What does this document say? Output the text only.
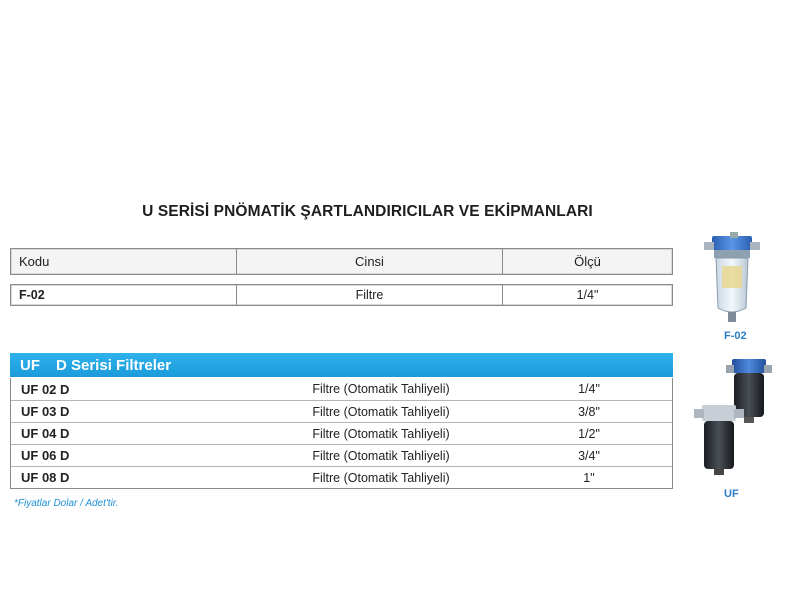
U SERİSİ PNÖMATİK ŞARTLANDIRICILAR VE EKİPMANLARI
Kodu	Cinsi	Ölçü
F-02	Filtre	1/4"
UF D Serisi Filtreler
UF 02 D	Filtre (Otomatik Tahliyeli)	1/4"
UF 03 D	Filtre (Otomatik Tahliyeli)	3/8"
UF 04 D	Filtre (Otomatik Tahliyeli)	1/2"
UF 06 D	Filtre (Otomatik Tahliyeli)	3/4"
UF 08 D	Filtre (Otomatik Tahliyeli)	1"
*Fiyatlar Dolar / Adet'tir.
F-02
UF
